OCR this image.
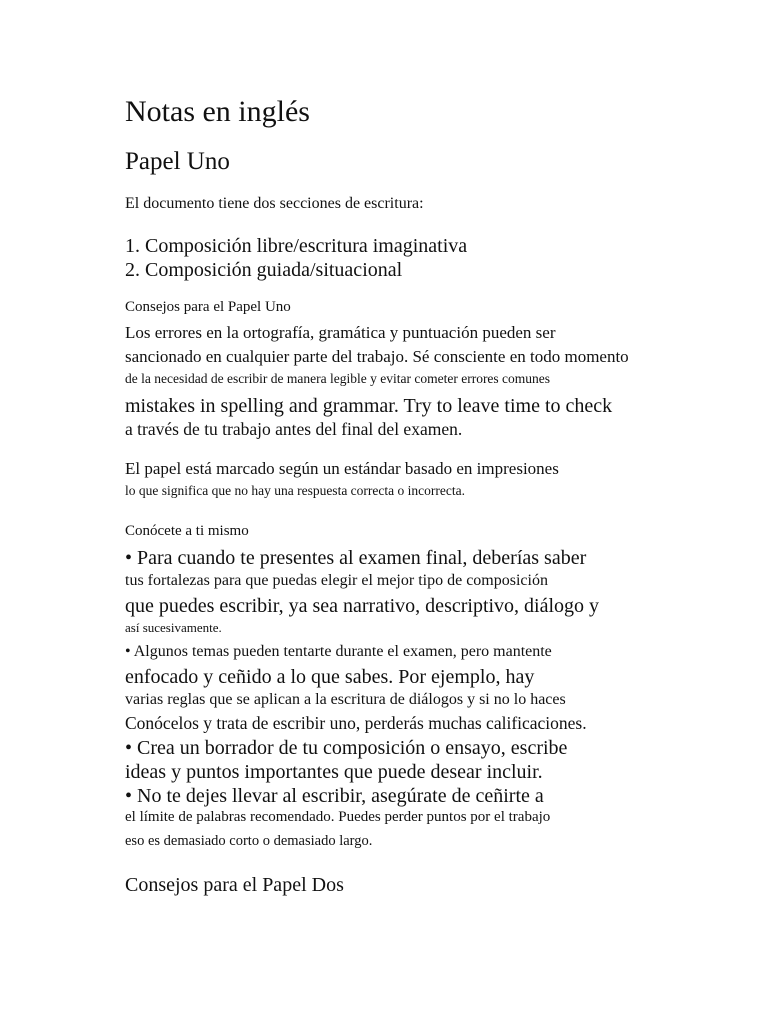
Notas en inglés
Papel Uno
El documento tiene dos secciones de escritura:
1. Composición libre/escritura imaginativa
2. Composición guiada/situacional
Consejos para el Papel Uno
Los errores en la ortografía, gramática y puntuación pueden ser
sancionado en cualquier parte del trabajo. Sé consciente en todo momento
de la necesidad de escribir de manera legible y evitar cometer errores comunes
mistakes in spelling and grammar. Try to leave time to check
a través de tu trabajo antes del final del examen.
El papel está marcado según un estándar basado en impresiones
lo que significa que no hay una respuesta correcta o incorrecta.
Conócete a ti mismo
• Para cuando te presentes al examen final, deberías saber
tus fortalezas para que puedas elegir el mejor tipo de composición
que puedes escribir, ya sea narrativo, descriptivo, diálogo y
así sucesivamente.
• Algunos temas pueden tentarte durante el examen, pero mantente
enfocado y ceñido a lo que sabes. Por ejemplo, hay
varias reglas que se aplican a la escritura de diálogos y si no lo haces
Conócelos y trata de escribir uno, perderás muchas calificaciones.
• Crea un borrador de tu composición o ensayo, escribe
ideas y puntos importantes que puede desear incluir.
• No te dejes llevar al escribir, asegúrate de ceñirte a
el límite de palabras recomendado. Puedes perder puntos por el trabajo
eso es demasiado corto o demasiado largo.
Consejos para el Papel Dos
